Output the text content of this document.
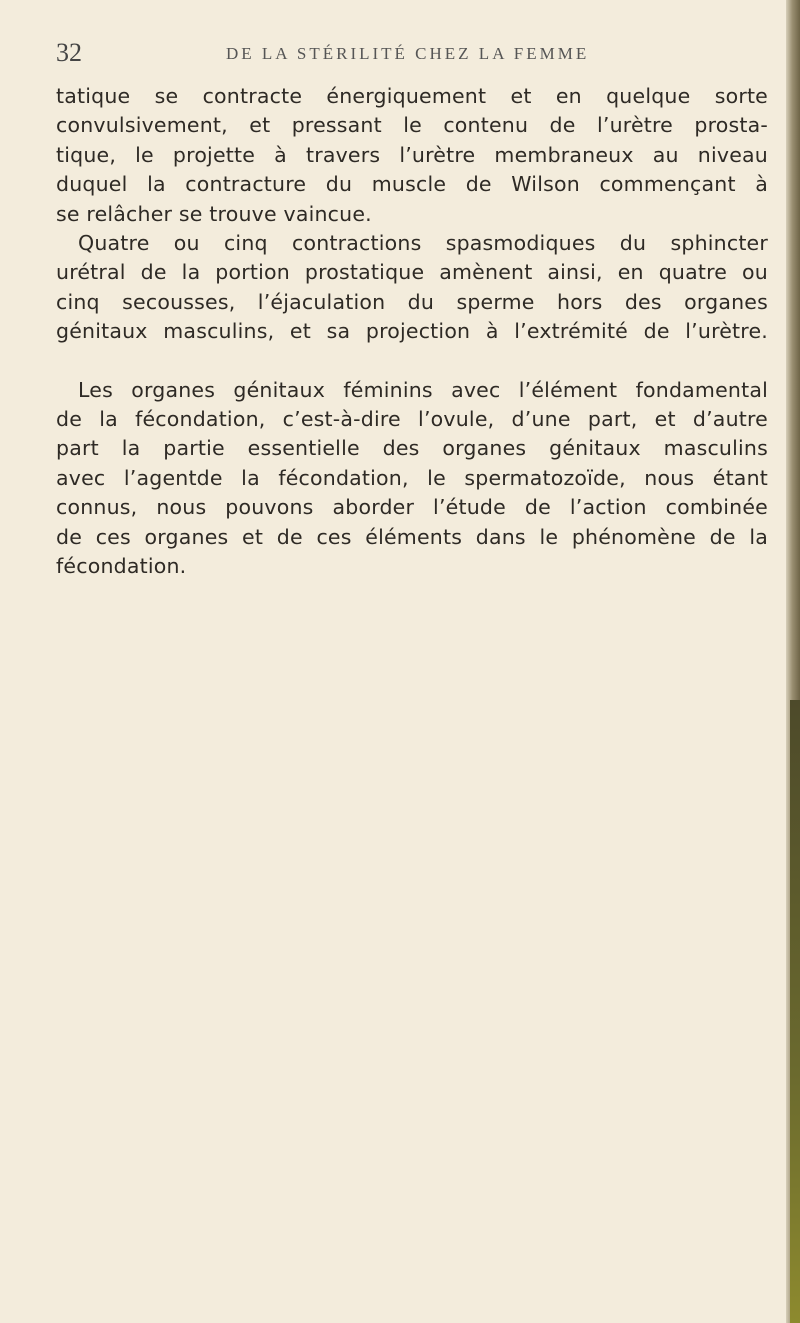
32	DE LA STÉRILITÉ CHEZ LA FEMME
tatique se contracte énergiquement et en quelque sorte
convulsivement, et pressant le contenu de l’urètre prosta-
tique, le projette à travers l’urètre membraneux au niveau
duquel la contracture du muscle de Wilson commençant à
se relâcher se trouve vaincue.
Quatre ou cinq contractions spasmodiques du sphincter
urétral de la portion prostatique amènent ainsi, en quatre ou
cinq secousses, l’éjaculation du sperme hors des organes
génitaux masculins, et sa projection à l’extrémité de l’urètre.
Les organes génitaux féminins avec l’élément fondamental
de la fécondation, c’est-à-dire l’ovule, d’une part, et d’autre
part la partie essentielle des organes génitaux masculins
avec l’agentde la fécondation, le spermatozoïde, nous étant
connus, nous pouvons aborder l’étude de l’action combinée
de ces organes et de ces éléments dans le phénomène de la
fécondation.
